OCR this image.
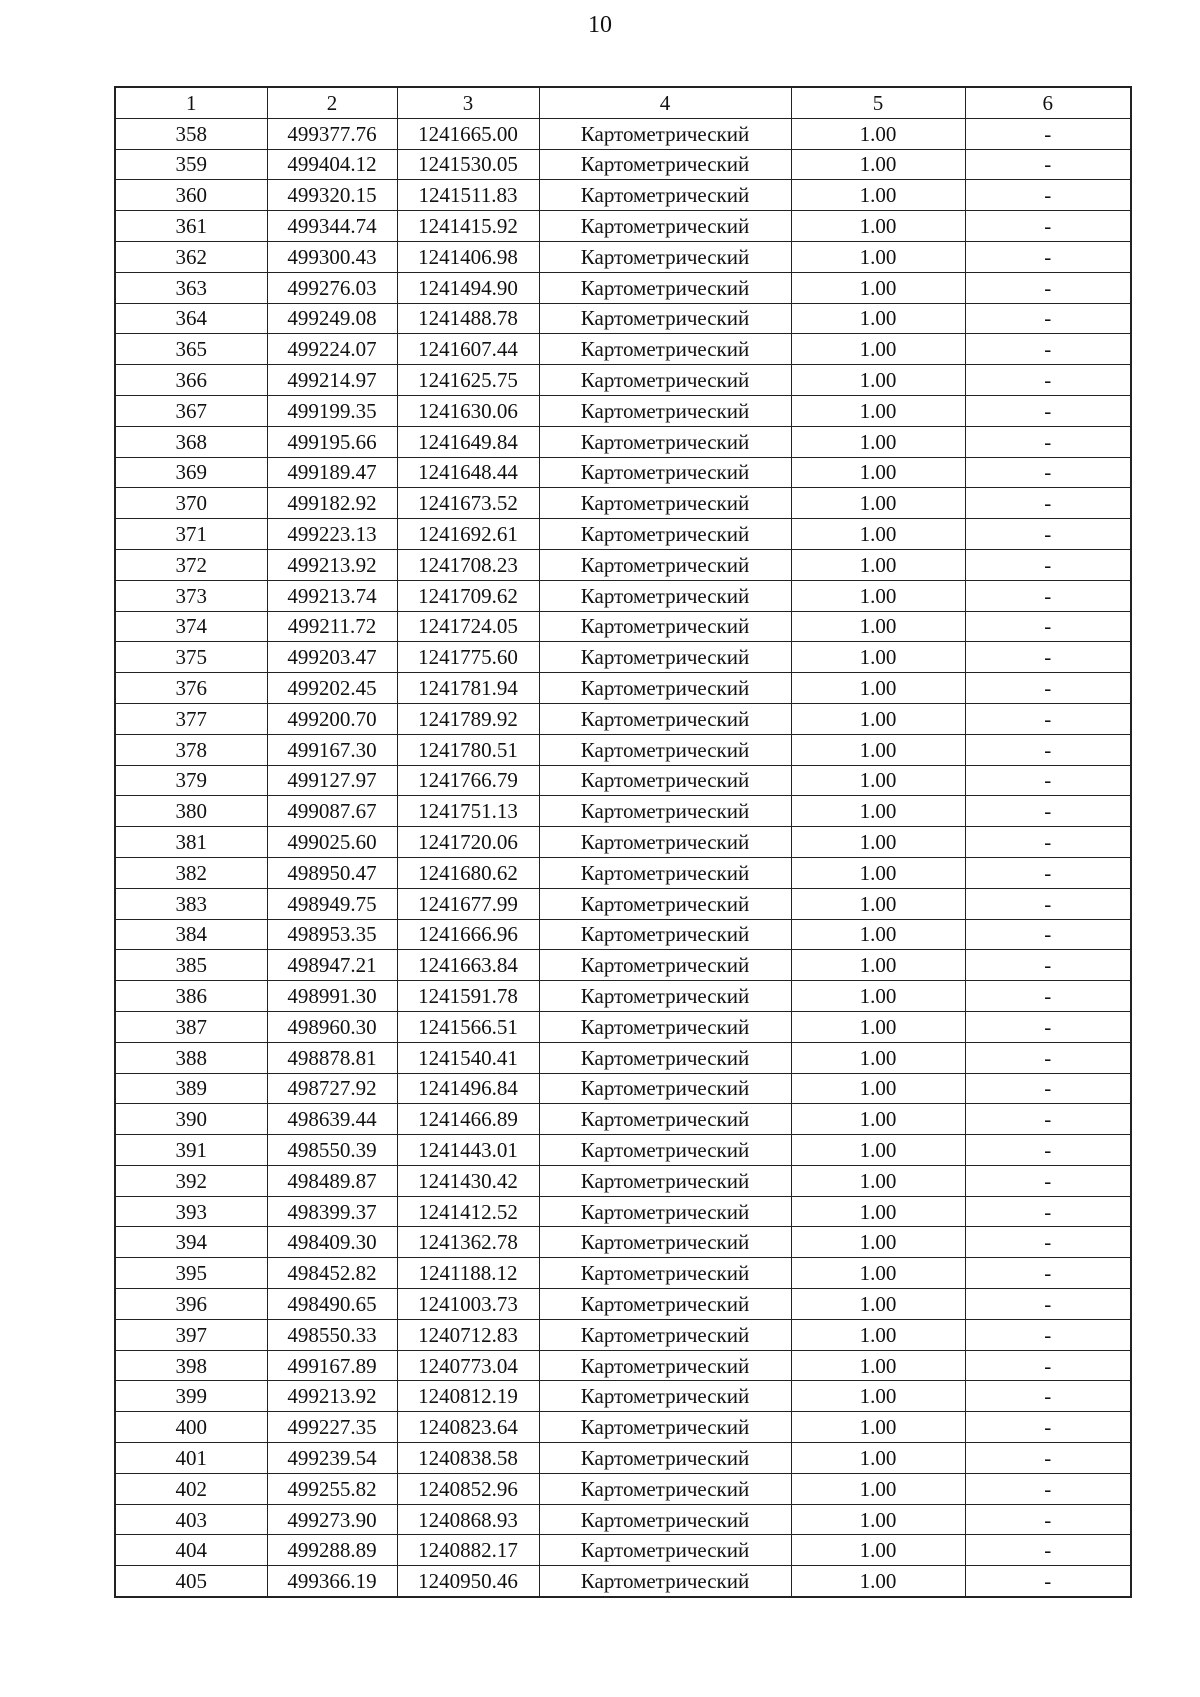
10
1	2	3	4	5	6
358	499377.76	1241665.00	Картометрический	1.00	-
359	499404.12	1241530.05	Картометрический	1.00	-
360	499320.15	1241511.83	Картометрический	1.00	-
361	499344.74	1241415.92	Картометрический	1.00	-
362	499300.43	1241406.98	Картометрический	1.00	-
363	499276.03	1241494.90	Картометрический	1.00	-
364	499249.08	1241488.78	Картометрический	1.00	-
365	499224.07	1241607.44	Картометрический	1.00	-
366	499214.97	1241625.75	Картометрический	1.00	-
367	499199.35	1241630.06	Картометрический	1.00	-
368	499195.66	1241649.84	Картометрический	1.00	-
369	499189.47	1241648.44	Картометрический	1.00	-
370	499182.92	1241673.52	Картометрический	1.00	-
371	499223.13	1241692.61	Картометрический	1.00	-
372	499213.92	1241708.23	Картометрический	1.00	-
373	499213.74	1241709.62	Картометрический	1.00	-
374	499211.72	1241724.05	Картометрический	1.00	-
375	499203.47	1241775.60	Картометрический	1.00	-
376	499202.45	1241781.94	Картометрический	1.00	-
377	499200.70	1241789.92	Картометрический	1.00	-
378	499167.30	1241780.51	Картометрический	1.00	-
379	499127.97	1241766.79	Картометрический	1.00	-
380	499087.67	1241751.13	Картометрический	1.00	-
381	499025.60	1241720.06	Картометрический	1.00	-
382	498950.47	1241680.62	Картометрический	1.00	-
383	498949.75	1241677.99	Картометрический	1.00	-
384	498953.35	1241666.96	Картометрический	1.00	-
385	498947.21	1241663.84	Картометрический	1.00	-
386	498991.30	1241591.78	Картометрический	1.00	-
387	498960.30	1241566.51	Картометрический	1.00	-
388	498878.81	1241540.41	Картометрический	1.00	-
389	498727.92	1241496.84	Картометрический	1.00	-
390	498639.44	1241466.89	Картометрический	1.00	-
391	498550.39	1241443.01	Картометрический	1.00	-
392	498489.87	1241430.42	Картометрический	1.00	-
393	498399.37	1241412.52	Картометрический	1.00	-
394	498409.30	1241362.78	Картометрический	1.00	-
395	498452.82	1241188.12	Картометрический	1.00	-
396	498490.65	1241003.73	Картометрический	1.00	-
397	498550.33	1240712.83	Картометрический	1.00	-
398	499167.89	1240773.04	Картометрический	1.00	-
399	499213.92	1240812.19	Картометрический	1.00	-
400	499227.35	1240823.64	Картометрический	1.00	-
401	499239.54	1240838.58	Картометрический	1.00	-
402	499255.82	1240852.96	Картометрический	1.00	-
403	499273.90	1240868.93	Картометрический	1.00	-
404	499288.89	1240882.17	Картометрический	1.00	-
405	499366.19	1240950.46	Картометрический	1.00	-
